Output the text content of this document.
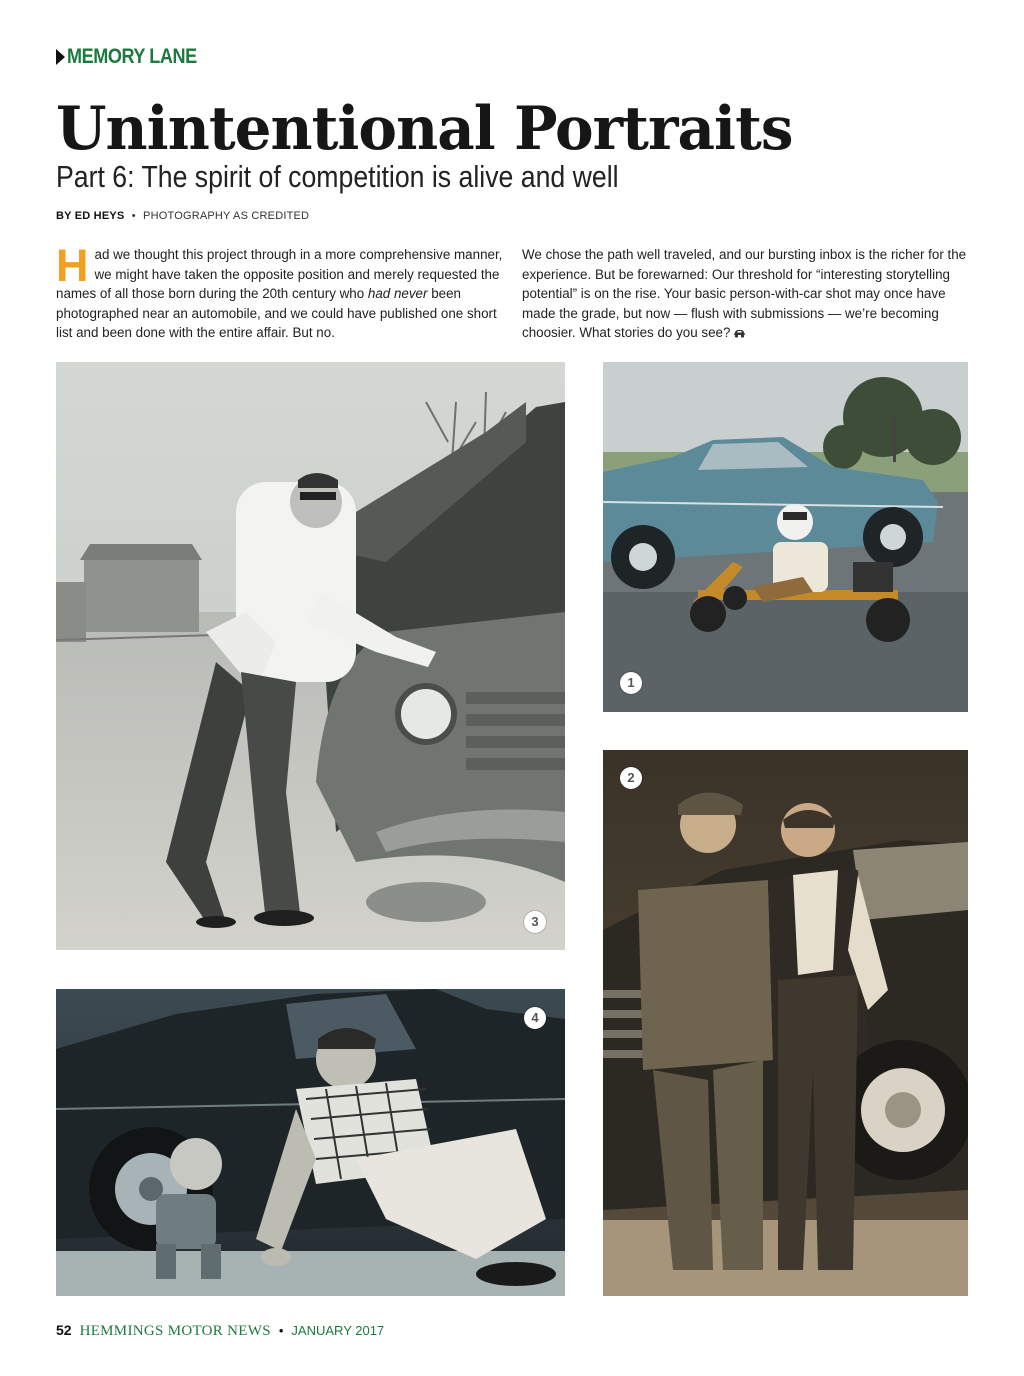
MEMORY LANE
Unintentional Portraits
Part 6: The spirit of competition is alive and well
BY ED HEYS • PHOTOGRAPHY AS CREDITED
Had we thought this project through in a more comprehensive manner, we might have taken the opposite position and merely requested the names of all those born during the 20th century who had never been photographed near an automobile, and we could have published one short list and been done with the entire affair. But no.
We chose the path well traveled, and our bursting inbox is the richer for the experience. But be forewarned: Our threshold for “interesting storytelling potential” is on the rise. Your basic person-with-car shot may once have made the grade, but now — flush with submissions — we’re becoming choosier. What stories do you see?
3
1
2
4
52 HEMMINGS MOTOR NEWS • JANUARY 2017
